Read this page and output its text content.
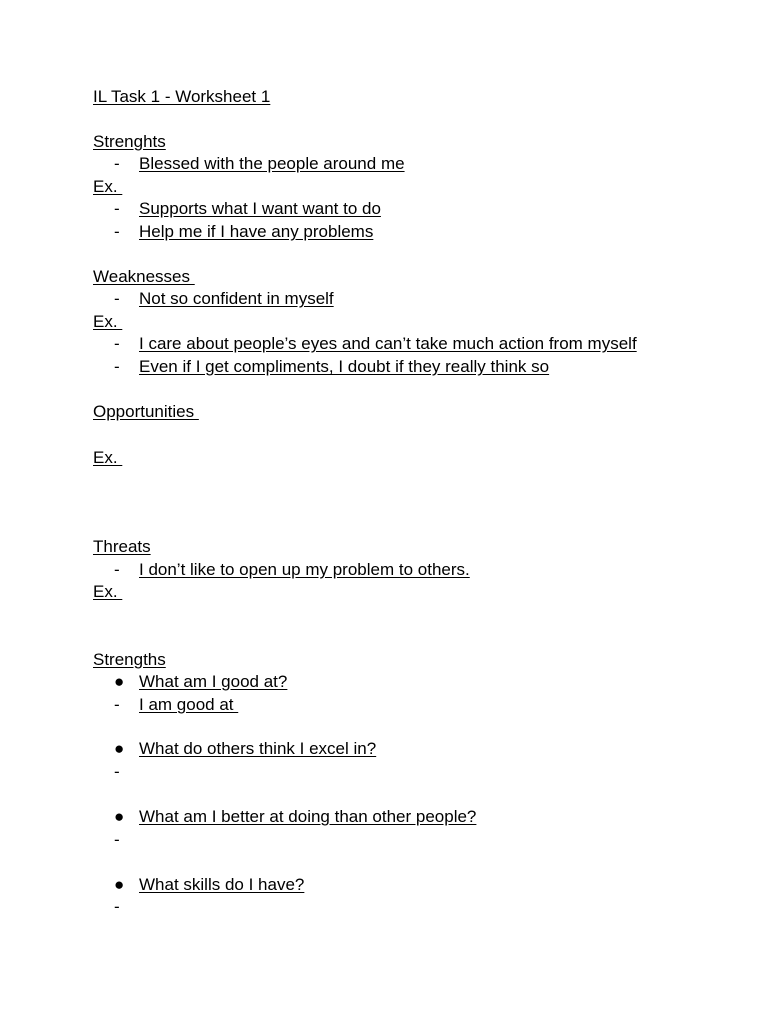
IL Task 1 - Worksheet 1
Strenghts
- Blessed with the people around me
Ex.
- Supports what I want want to do
- Help me if I have any problems
Weaknesses
- Not so confident in myself
Ex.
- I care about people’s eyes and can’t take much action from myself
- Even if I get compliments, I doubt if they really think so
Opportunities
Ex.
Threats
- I don’t like to open up my problem to others.
Ex.
Strengths
● What am I good at?
- I am good at
● What do others think I excel in?
-
● What am I better at doing than other people?
-
● What skills do I have?
-
